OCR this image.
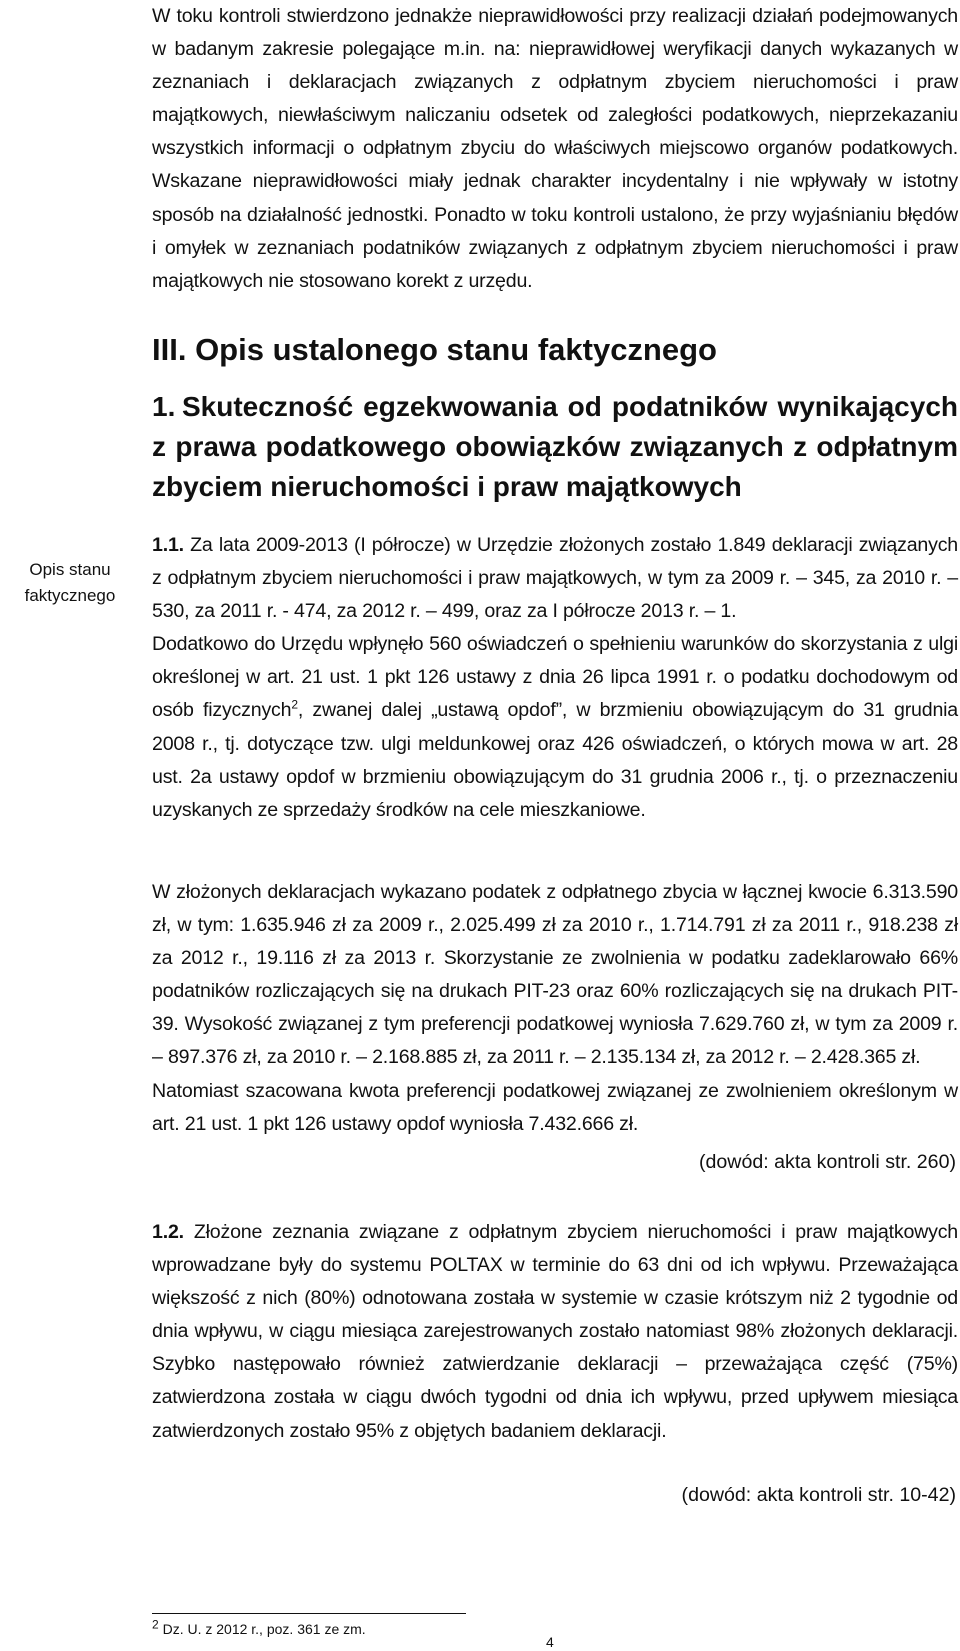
W toku kontroli stwierdzono jednakże nieprawidłowości przy realizacji działań podejmowanych w badanym zakresie polegające m.in. na: nieprawidłowej weryfikacji danych wykazanych w zeznaniach i deklaracjach związanych z odpłatnym zbyciem nieruchomości i praw majątkowych, niewłaściwym naliczaniu odsetek od zaległości podatkowych, nieprzekazaniu wszystkich informacji o odpłatnym zbyciu do właściwych miejscowo organów podatkowych. Wskazane nieprawidłowości miały jednak charakter incydentalny i nie wpływały w istotny sposób na działalność jednostki. Ponadto w toku kontroli ustalono, że przy wyjaśnianiu błędów i omyłek w zeznaniach podatników związanych z odpłatnym zbyciem nieruchomości i praw majątkowych nie stosowano korekt z urzędu.

III. Opis ustalonego stanu faktycznego
1. Skuteczność egzekwowania od podatników wynikających z prawa podatkowego obowiązków związanych z odpłatnym zbyciem nieruchomości i praw majątkowych
Opis stanu
faktycznego

1.1. Za lata 2009-2013 (I półrocze) w Urzędzie złożonych zostało 1.849 deklaracji związanych z odpłatnym zbyciem nieruchomości i praw majątkowych, w tym za 2009 r. – 345, za 2010 r. – 530, za 2011 r. - 474, za 2012 r. – 499, oraz za I półrocze 2013 r. – 1.

Dodatkowo do Urzędu wpłynęło 560 oświadczeń o spełnieniu warunków do skorzystania z ulgi określonej w art. 21 ust. 1 pkt 126 ustawy z dnia 26 lipca 1991 r. o podatku dochodowym od osób fizycznych$^2$, zwanej dalej „ustawą opdof”, w brzmieniu obowiązującym do 31 grudnia 2008 r., tj. dotyczące tzw. ulgi meldunkowej oraz 426 oświadczeń, o których mowa w art. 28 ust. 2a ustawy opdof w brzmieniu obowiązującym do 31 grudnia 2006 r., tj. o przeznaczeniu uzyskanych ze sprzedaży środków na cele mieszkaniowe.

W złożonych deklaracjach wykazano podatek z odpłatnego zbycia w łącznej kwocie 6.313.590 zł, w tym: 1.635.946 zł za 2009 r., 2.025.499 zł za 2010 r., 1.714.791 zł za 2011 r., 918.238 zł za 2012 r., 19.116 zł za 2013 r. Skorzystanie ze zwolnienia w podatku zadeklarowało 66% podatników rozliczających się na drukach PIT-23 oraz 60% rozliczających się na drukach PIT-39. Wysokość związanej z tym preferencji podatkowej wyniosła 7.629.760 zł, w tym za 2009 r. – 897.376 zł, za 2010 r. – 2.168.885 zł, za 2011 r. – 2.135.134 zł, za 2012 r. – 2.428.365 zł.

Natomiast szacowana kwota preferencji podatkowej związanej ze zwolnieniem określonym w art. 21 ust. 1 pkt 126 ustawy opdof wyniosła 7.432.666 zł.

(dowód: akta kontroli str. 260)

1.2. Złożone zeznania związane z odpłatnym zbyciem nieruchomości i praw majątkowych wprowadzane były do systemu POLTAX w terminie do 63 dni od ich wpływu. Przeważająca większość z nich (80%) odnotowana została w systemie w czasie krótszym niż 2 tygodnie od dnia wpływu, w ciągu miesiąca zarejestrowanych zostało natomiast 98% złożonych deklaracji. Szybko następowało również zatwierdzanie deklaracji – przeważająca część (75%) zatwierdzona została w ciągu dwóch tygodni od dnia ich wpływu, przed upływem miesiąca zatwierdzonych zostało 95% z objętych badaniem deklaracji.

(dowód: akta kontroli str. 10-42)
$^2$ Dz. U. z 2012 r., poz. 361 ze zm.
4
